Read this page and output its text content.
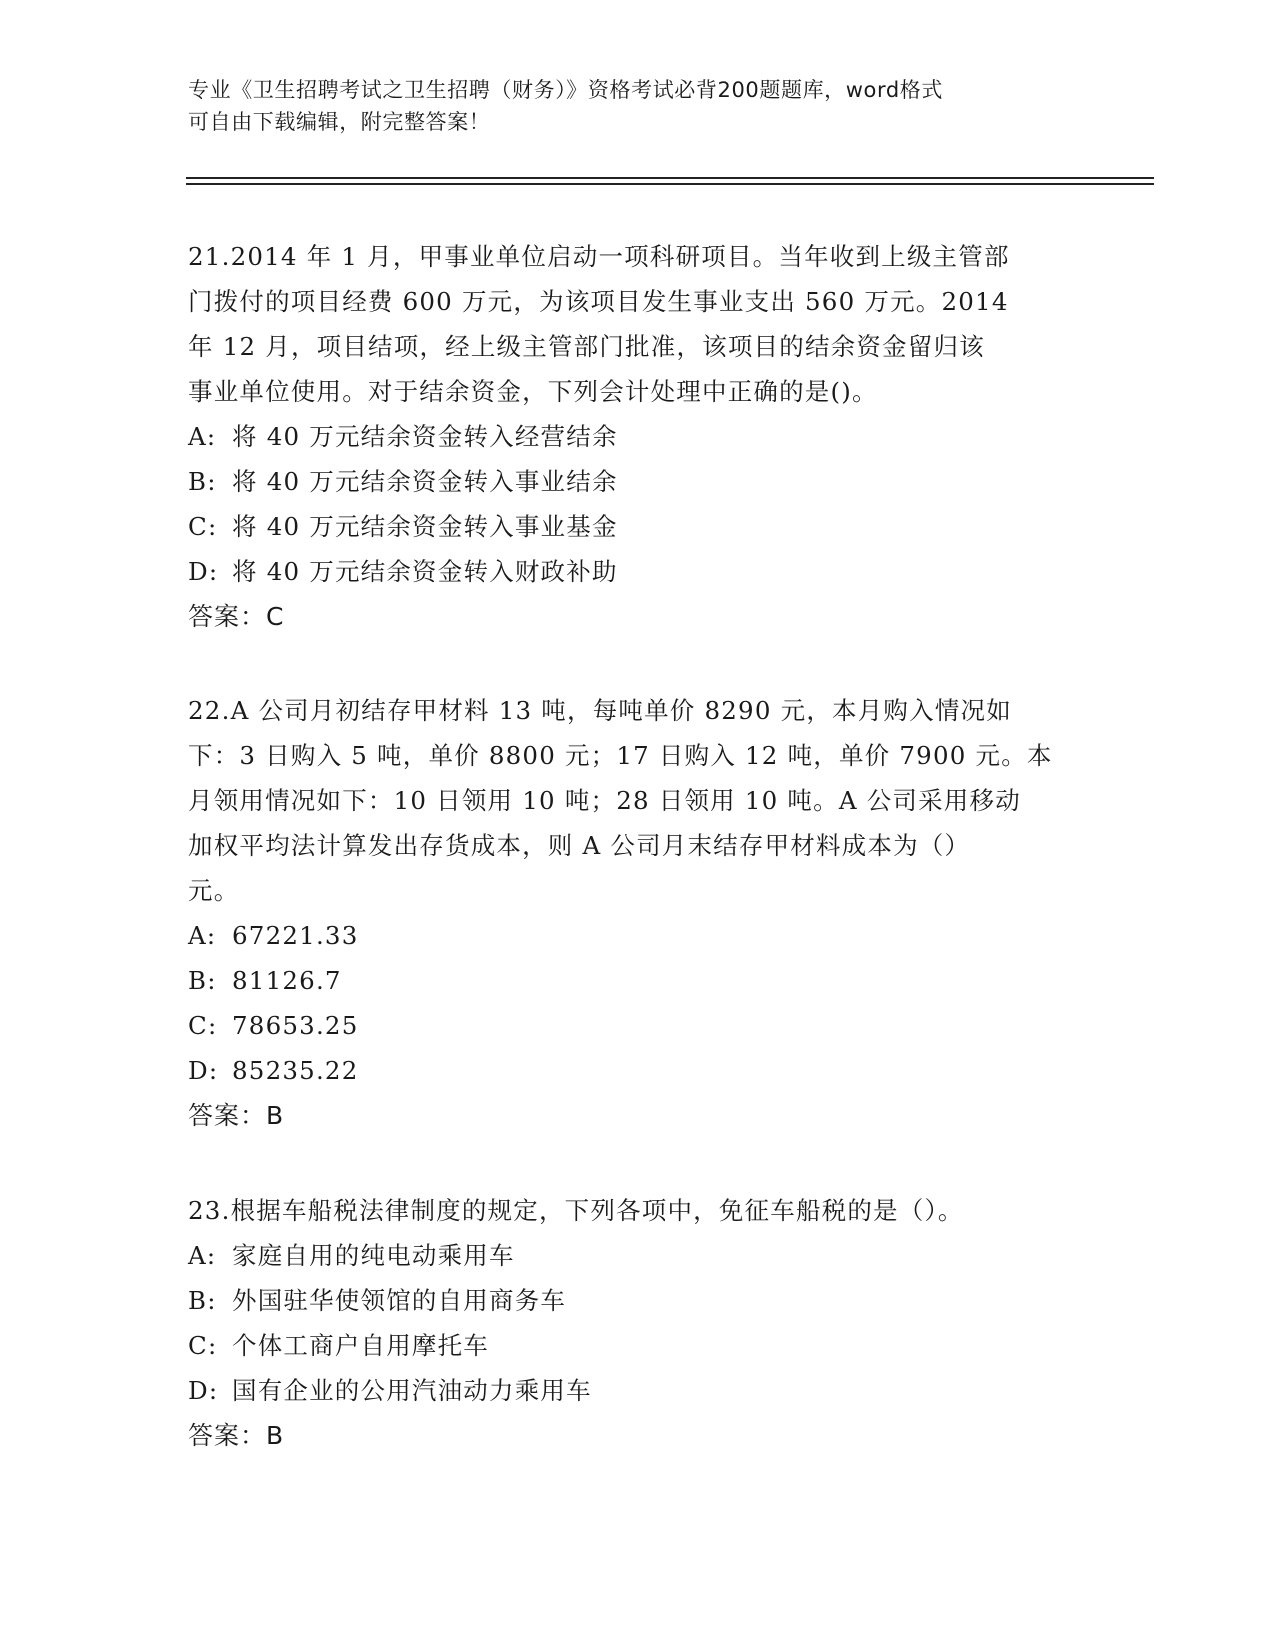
专业《卫生招聘考试之卫生招聘（财务）》资格考试必背200题题库，word格式
可自由下载编辑，附完整答案！
21.2014 年 1 月，甲事业单位启动一项科研项目。当年收到上级主管部
门拨付的项目经费 600 万元，为该项目发生事业支出 560 万元。2014
年 12 月，项目结项，经上级主管部门批准，该项目的结余资金留归该
事业单位使用。对于结余资金，下列会计处理中正确的是()。
A: 将 40 万元结余资金转入经营结余
B: 将 40 万元结余资金转入事业结余
C: 将 40 万元结余资金转入事业基金
D: 将 40 万元结余资金转入财政补助
答案：C
22.A 公司月初结存甲材料 13 吨，每吨单价 8290 元，本月购入情况如
下：3 日购入 5 吨，单价 8800 元；17 日购入 12 吨，单价 7900 元。本
月领用情况如下：10 日领用 10 吨；28 日领用 10 吨。A 公司采用移动
加权平均法计算发出存货成本，则 A 公司月末结存甲材料成本为（）
元。
A: 67221.33
B: 81126.7
C: 78653.25
D: 85235.22
答案：B
23.根据车船税法律制度的规定，下列各项中，免征车船税的是（）。
A: 家庭自用的纯电动乘用车
B: 外国驻华使领馆的自用商务车
C: 个体工商户自用摩托车
D: 国有企业的公用汽油动力乘用车
答案：B
